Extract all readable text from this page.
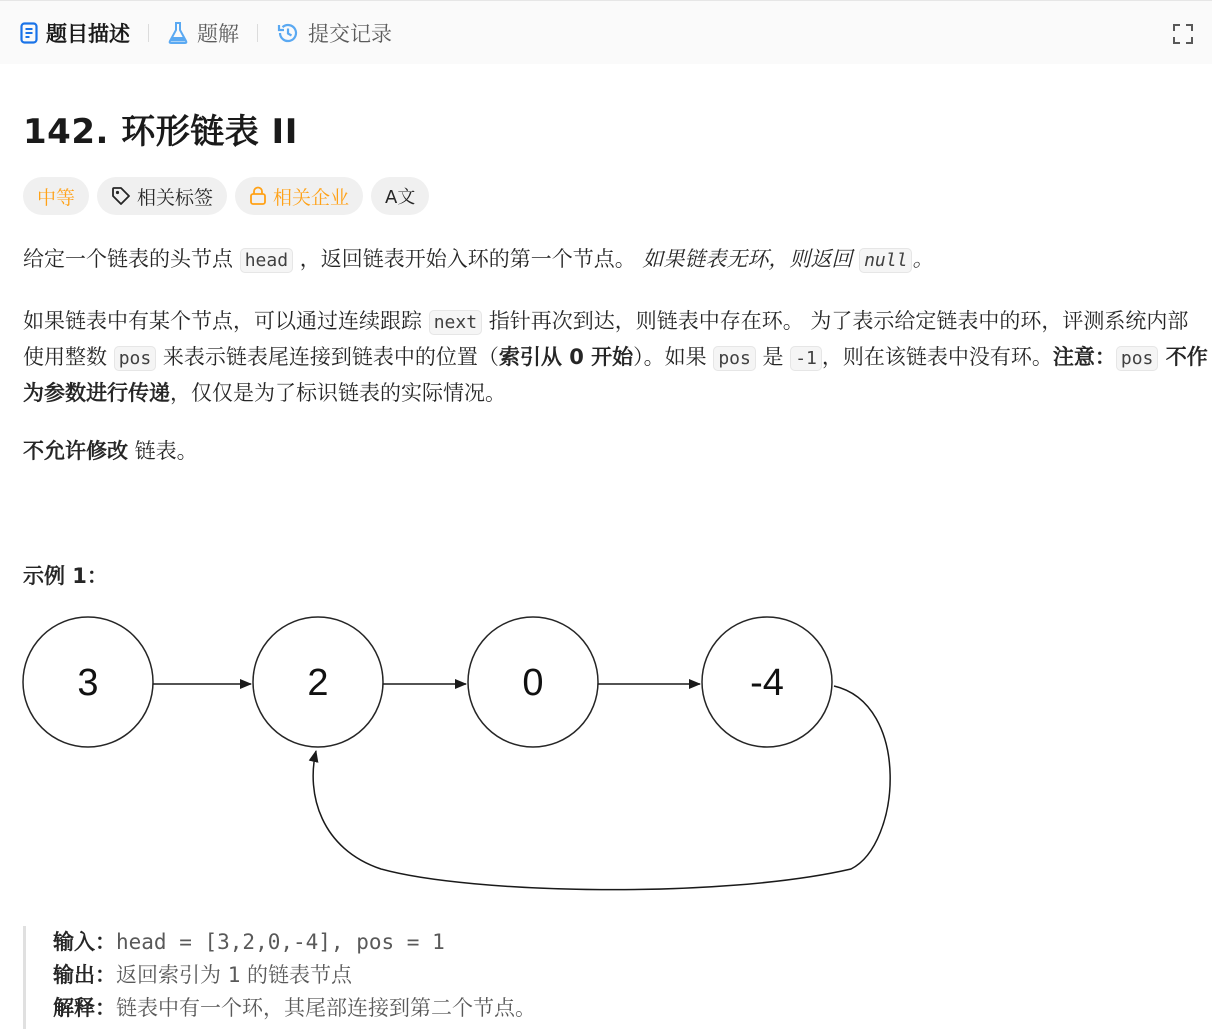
题目描述	题解	提交记录
142. 环形链表 II
中等	相关标签	相关企业 A文
给定一个链表的头节点 head ，返回链表开始入环的第一个节点。 如果链表无环，则返回 null 。
如果链表中有某个节点，可以通过连续跟踪 next 指针再次到达，则链表中存在环。 为了表示给定链表中的环，评测系统内部使用整数 pos 来表示链表尾连接到链表中的位置（索引从 0 开始）。如果 pos 是 -1 ，则在该链表中没有环。注意： pos 不作为参数进行传递，仅仅是为了标识链表的实际情况。
不允许修改 链表。
示例 1：
3	2	0	-4
输入：head = [3,2,0,-4], pos = 1
输出：返回索引为 1 的链表节点
解释：链表中有一个环，其尾部连接到第二个节点。
